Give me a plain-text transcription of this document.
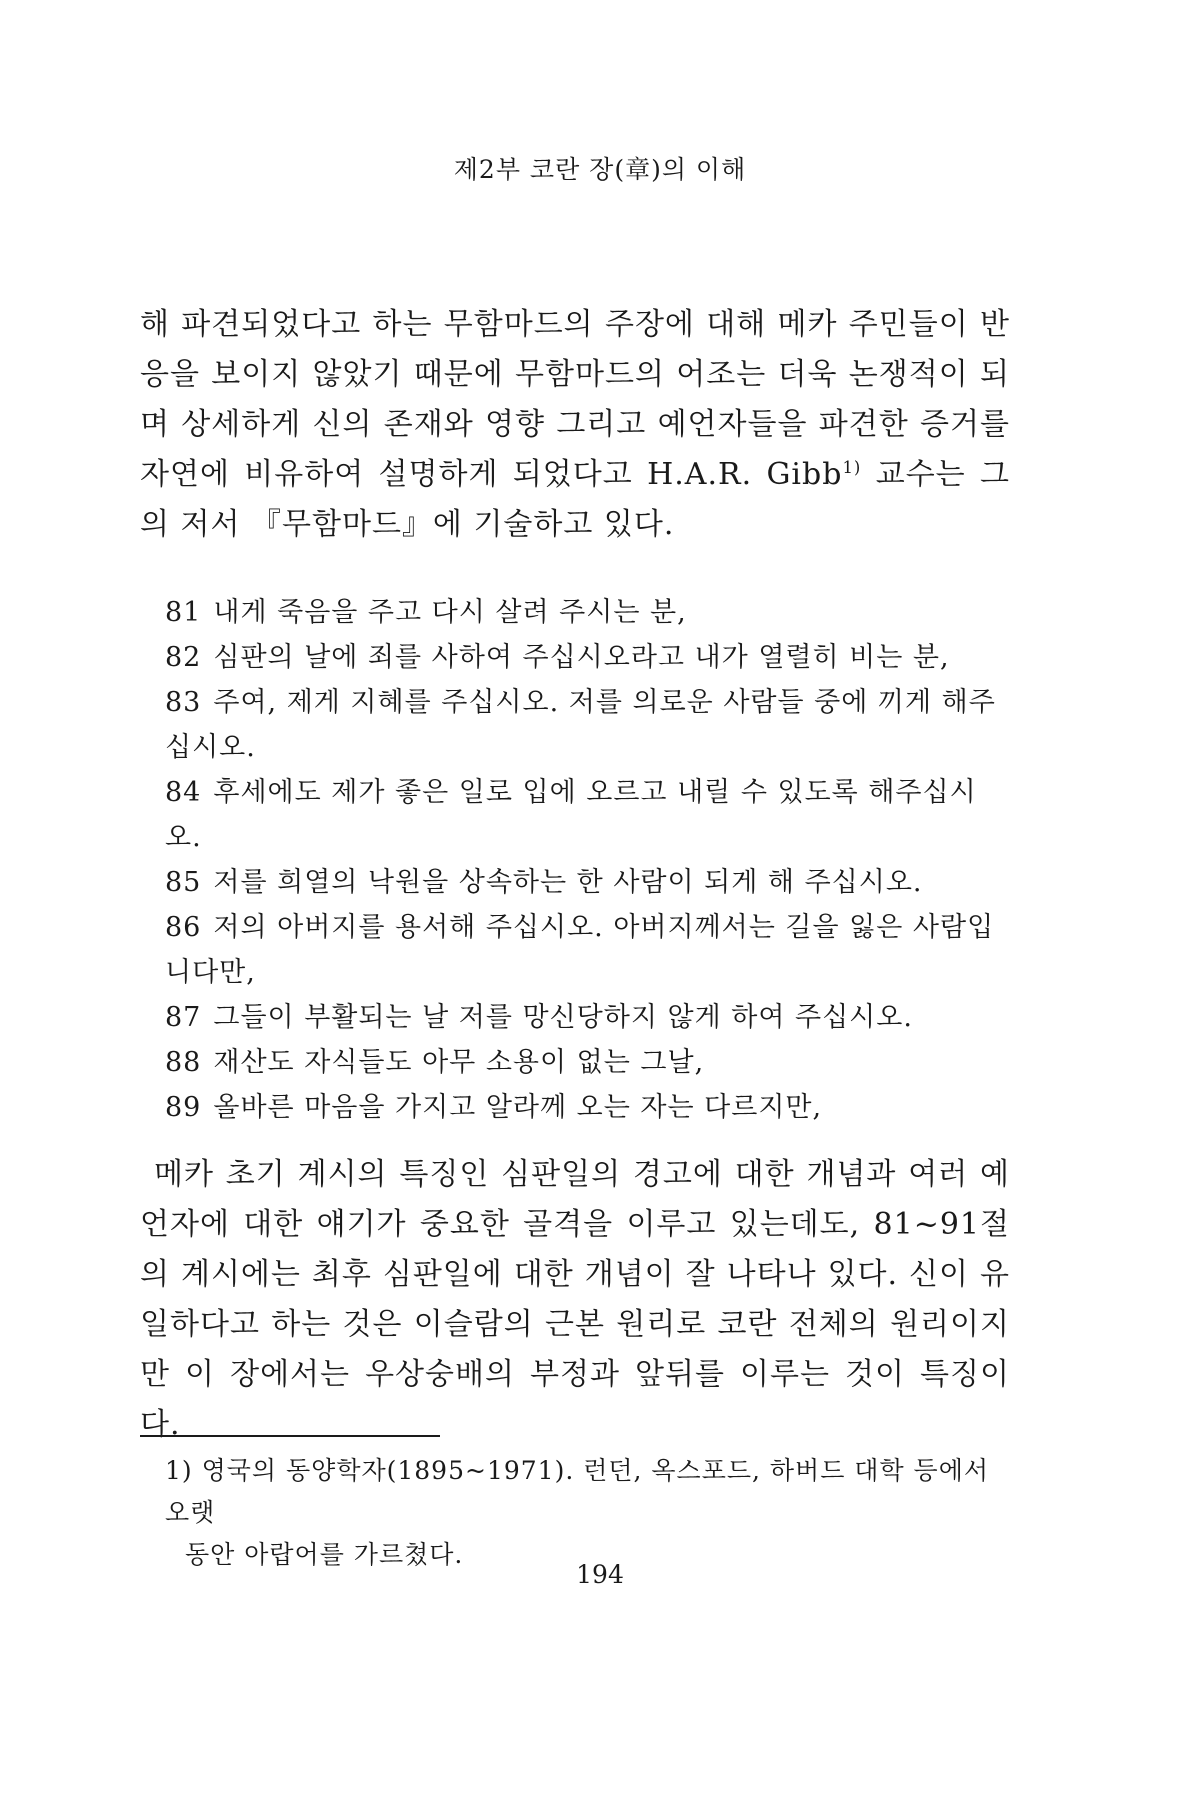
제2부 코란 장(章)의 이해
해 파견되었다고 하는 무함마드의 주장에 대해 메카 주민들이 반응을 보이지 않았기 때문에 무함마드의 어조는 더욱 논쟁적이 되며 상세하게 신의 존재와 영향 그리고 예언자들을 파견한 증거를 자연에 비유하여 설명하게 되었다고 H.A.R. Gibb$^{1)}$ 교수는 그의 저서 『무함마드』에 기술하고 있다.
81 내게 죽음을 주고 다시 살려 주시는 분,
82 심판의 날에 죄를 사하여 주십시오라고 내가 열렬히 비는 분,
83 주여, 제게 지혜를 주십시오. 저를 의로운 사람들 중에 끼게 해주십시오.
84 후세에도 제가 좋은 일로 입에 오르고 내릴 수 있도록 해주십시오.
85 저를 희열의 낙원을 상속하는 한 사람이 되게 해 주십시오.
86 저의 아버지를 용서해 주십시오. 아버지께서는 길을 잃은 사람입니다만,
87 그들이 부활되는 날 저를 망신당하지 않게 하여 주십시오.
88 재산도 자식들도 아무 소용이 없는 그날,
89 올바른 마음을 가지고 알라께 오는 자는 다르지만,
메카 초기 계시의 특징인 심판일의 경고에 대한 개념과 여러 예언자에 대한 얘기가 중요한 골격을 이루고 있는데도, 81~91절의 계시에는 최후 심판일에 대한 개념이 잘 나타나 있다. 신이 유일하다고 하는 것은 이슬람의 근본 원리로 코란 전체의 원리이지만 이 장에서는 우상숭배의 부정과 앞뒤를 이루는 것이 특징이다.
1) 영국의 동양학자(1895~1971). 런던, 옥스포드, 하버드 대학 등에서 오랫
동안 아랍어를 가르쳤다.
194
